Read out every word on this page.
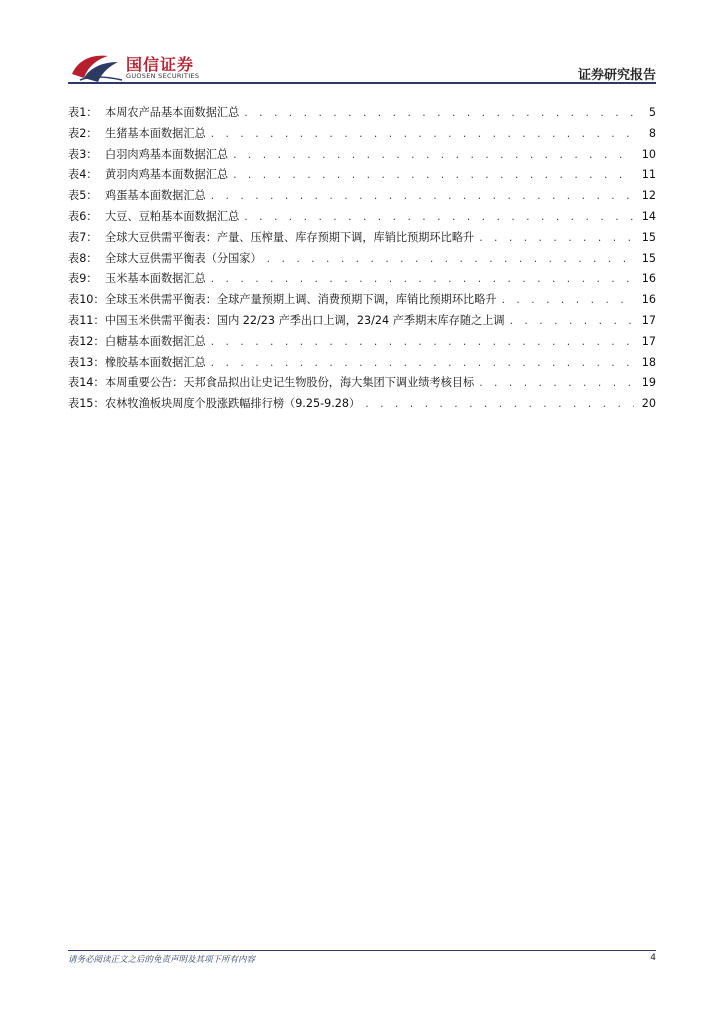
国信证券
GUOSEN SECURITIES	证券研究报告
表1： 本周农产品基本面数据汇总 . . .	5
表2： 生猪基本面数据汇总 . . .	8
表3： 白羽肉鸡基本面数据汇总 . . .	10
表4： 黄羽肉鸡基本面数据汇总 . . .	11
表5： 鸡蛋基本面数据汇总 . . .	12
表6： 大豆、豆粕基本面数据汇总 . . .	14
表7： 全球大豆供需平衡表：产量、压榨量、库存预期下调，库销比预期环比略升 . . .	15
表8： 全球大豆供需平衡表（分国家） . . .	15
表9： 玉米基本面数据汇总 . . .	16
表10： 全球玉米供需平衡表：全球产量预期上调、消费预期下调，库销比预期环比略升 . . .	16
表11： 中国玉米供需平衡表：国内 22/23 产季出口上调，23/24 产季期末库存随之上调 . . .	17
表12： 白糖基本面数据汇总 . . .	17
表13： 橡胶基本面数据汇总 . . .	18
表14： 本周重要公告：天邦食品拟出让史记生物股份，海大集团下调业绩考核目标 . . .	19
表15： 农林牧渔板块周度个股涨跌幅排行榜（9.25-9.28） . . .	20
请务必阅读正文之后的免责声明及其项下所有内容	4
